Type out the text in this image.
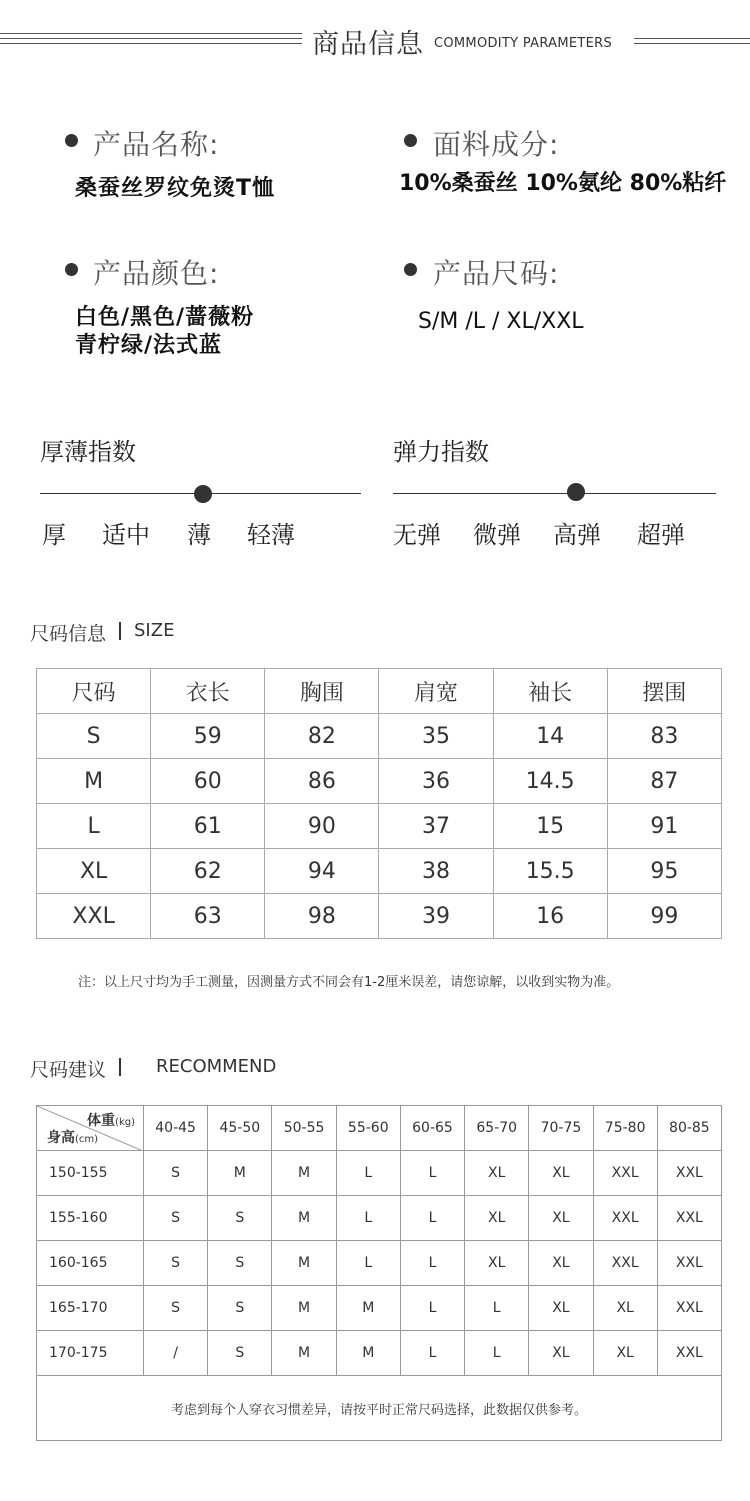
商品信息 COMMODITY PARAMETERS
产品名称:
桑蚕丝罗纹免烫T恤
面料成分:
10%桑蚕丝 10%氨纶 80%粘纤
产品颜色:
白色/黑色/蔷薇粉
青柠绿/法式蓝
产品尺码:
S/M /L / XL/XXL
厚薄指数
厚 适中 薄 轻薄
弹力指数
无弹 微弹 高弹 超弹
尺码信息 SIZE
尺码	衣长	胸围	肩宽	袖长	摆围
S	59	82	35	14	83
M	60	86	36	14.5	87
L	61	90	37	15	91
XL	62	94	38	15.5	95
XXL	63	98	39	16	99
注：以上尺寸均为手工测量，因测量方式不同会有1-2厘米误差，请您谅解，以收到实物为准。
尺码建议	RECOMMEND
体重(kg)
身高(cm)	40-45	45-50	50-55	55-60	60-65	65-70	70-75	75-80	80-85
150-155	S	M	M	L	L	XL	XL	XXL	XXL
155-160	S	S	M	L	L	XL	XL	XXL	XXL
160-165	S	S	M	L	L	XL	XL	XXL	XXL
165-170	S	S	M	M	L	L	XL	XL	XXL
170-175	/	S	M	M	L	L	XL	XL	XXL
考虑到每个人穿衣习惯差异，请按平时正常尺码选择，此数据仅供参考。									
